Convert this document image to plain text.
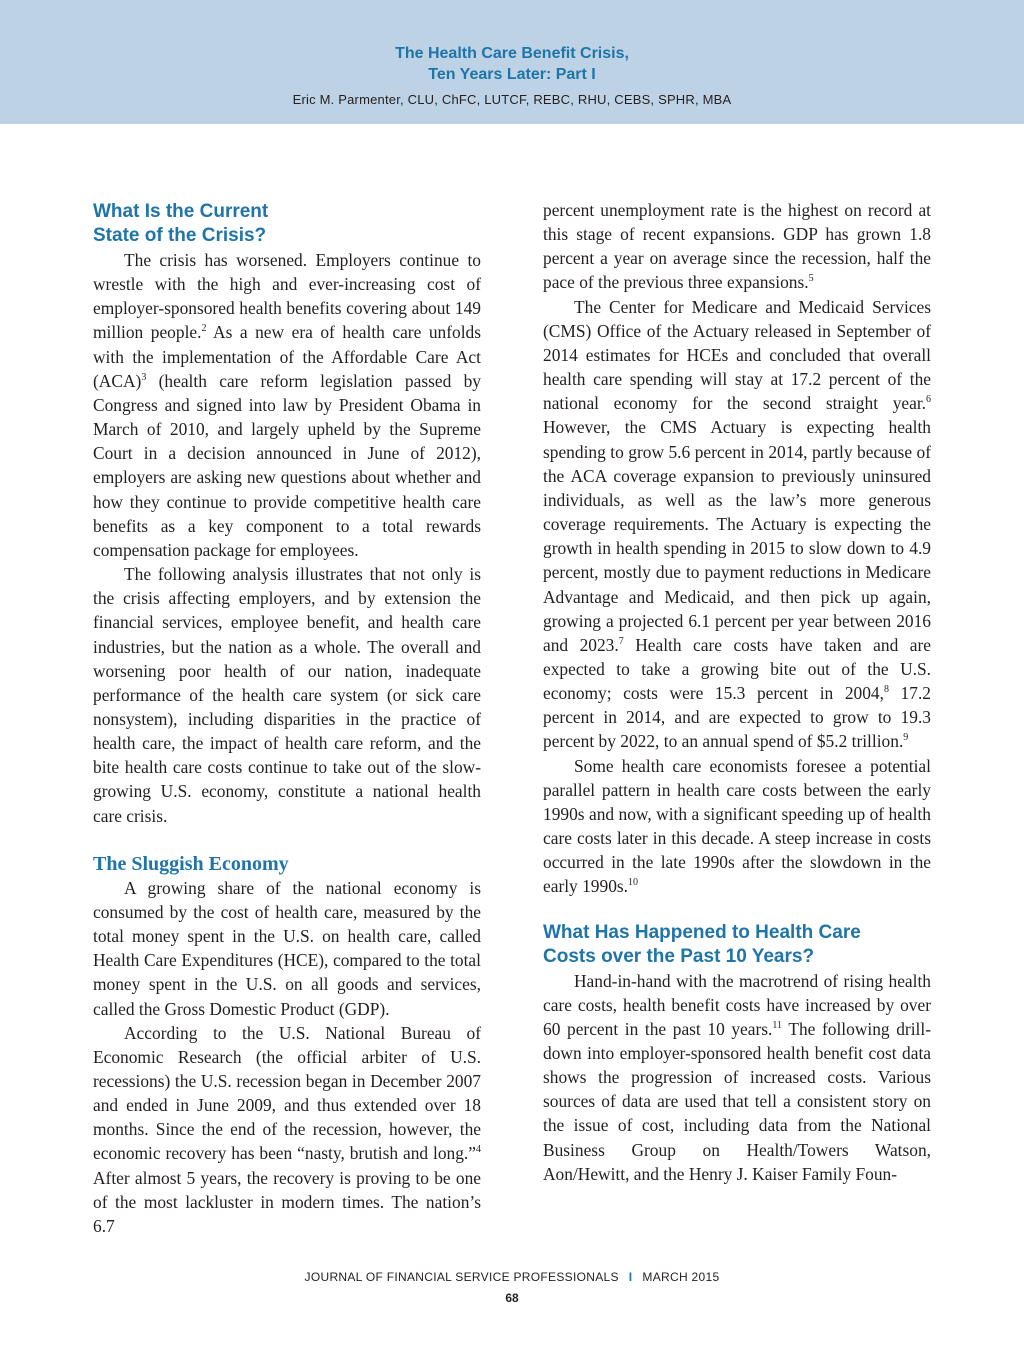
The Health Care Benefit Crisis,
Ten Years Later: Part I
Eric M. Parmenter, CLU, ChFC, LUTCF, REBC, RHU, CEBS, SPHR, MBA
What Is the Current
State of the Crisis?

The crisis has worsened. Employers continue to wrestle with the high and ever-increasing cost of employer-sponsored health benefits covering about 149 million people.$^2$ As a new era of health care unfolds with the implementation of the Affordable Care Act (ACA)$^3$ (health care reform legislation passed by Congress and signed into law by President Obama in March of 2010, and largely upheld by the Supreme Court in a decision announced in June of 2012), employers are asking new questions about whether and how they continue to provide competitive health care benefits as a key component to a total rewards compensation package for employees.

The following analysis illustrates that not only is the crisis affecting employers, and by extension the financial services, employee benefit, and health care industries, but the nation as a whole. The overall and worsening poor health of our nation, inadequate performance of the health care system (or sick care nonsystem), including disparities in the practice of health care, the impact of health care reform, and the bite health care costs continue to take out of the slow-growing U.S. economy, constitute a national health care crisis.

The Sluggish Economy

A growing share of the national economy is consumed by the cost of health care, measured by the total money spent in the U.S. on health care, called Health Care Expenditures (HCE), compared to the total money spent in the U.S. on all goods and services, called the Gross Domestic Product (GDP).

According to the U.S. National Bureau of Economic Research (the official arbiter of U.S. recessions) the U.S. recession began in December 2007 and ended in June 2009, and thus extended over 18 months. Since the end of the recession, however, the economic recovery has been “nasty, brutish and long.”$^4$ After almost 5 years, the recovery is proving to be one of the most lackluster in modern times. The nation’s 6.7

percent unemployment rate is the highest on record at this stage of recent expansions. GDP has grown 1.8 percent a year on average since the recession, half the pace of the previous three expansions.$^5$

The Center for Medicare and Medicaid Services (CMS) Office of the Actuary released in September of 2014 estimates for HCEs and concluded that overall health care spending will stay at 17.2 percent of the national economy for the second straight year.$^6$ However, the CMS Actuary is expecting health spending to grow 5.6 percent in 2014, partly because of the ACA coverage expansion to previously uninsured individuals, as well as the law’s more generous coverage requirements. The Actuary is expecting the growth in health spending in 2015 to slow down to 4.9 percent, mostly due to payment reductions in Medicare Advantage and Medicaid, and then pick up again, growing a projected 6.1 percent per year between 2016 and 2023.$^7$ Health care costs have taken and are expected to take a growing bite out of the U.S. economy; costs were 15.3 percent in 2004,$^8$ 17.2 percent in 2014, and are expected to grow to 19.3 percent by 2022, to an annual spend of $5.2 trillion.$^9$

Some health care economists foresee a potential parallel pattern in health care costs between the early 1990s and now, with a significant speeding up of health care costs later in this decade. A steep increase in costs occurred in the late 1990s after the slowdown in the early 1990s.$^{10}$

What Has Happened to Health Care
Costs over the Past 10 Years?

Hand-in-hand with the macrotrend of rising health care costs, health benefit costs have increased by over 60 percent in the past 10 years.$^{11}$ The following drill-down into employer-sponsored health benefit cost data shows the progression of increased costs. Various sources of data are used that tell a consistent story on the issue of cost, including data from the National Business Group on Health/Towers Watson, Aon/Hewitt, and the Henry J. Kaiser Family Foun-

JOURNAL OF FINANCIAL SERVICE PROFESSIONALS I MARCH 2015
68
